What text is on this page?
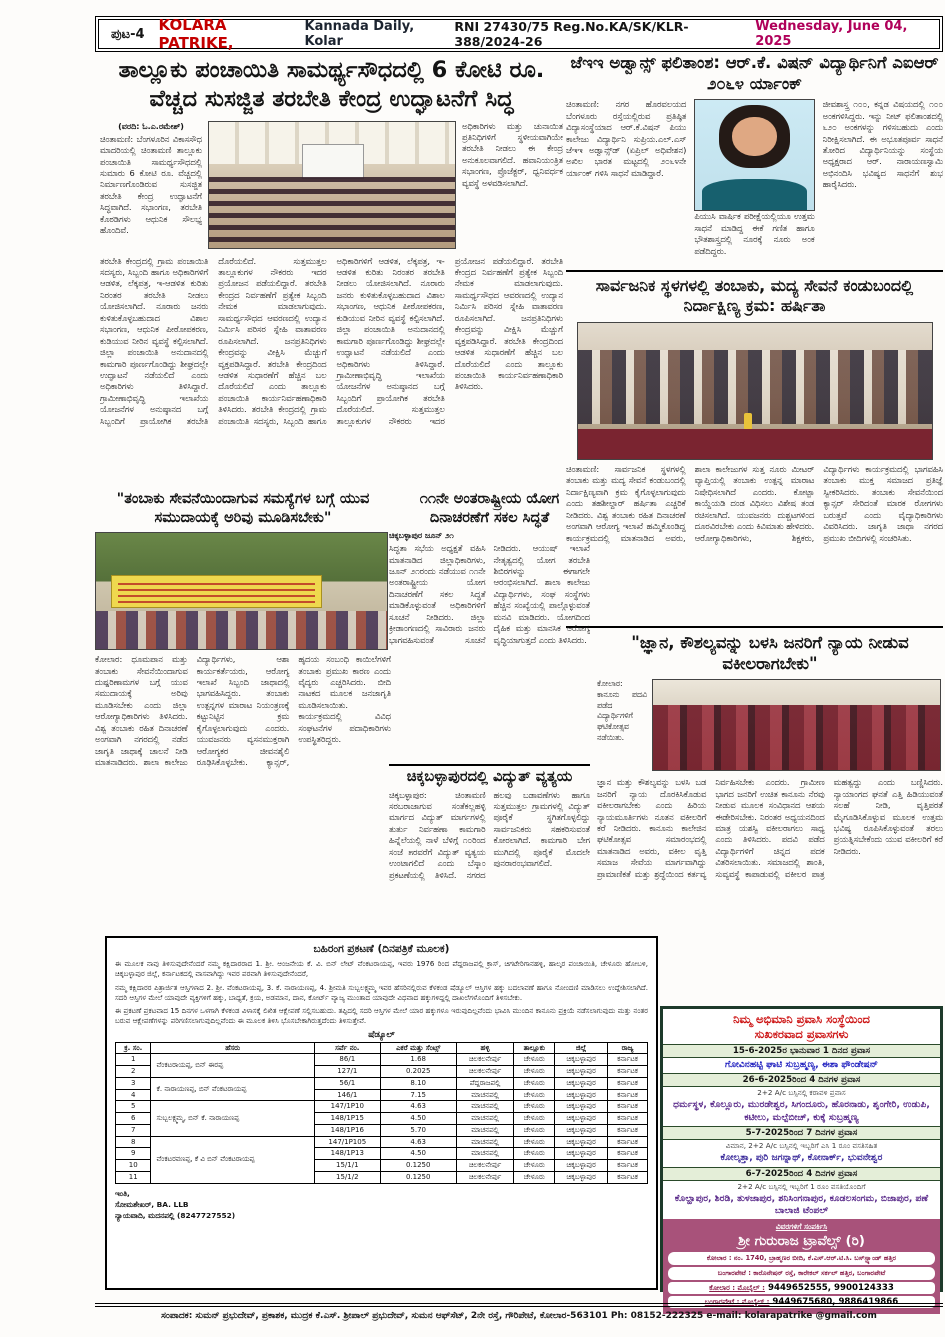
ಪುಟ-4 KOLARA PATRIKE,
Kannada Daily, Kolar
RNI 27430/75 Reg.No.KA/SK/KLR-388/2024-26
Wednesday, June 04, 2025
ತಾಲ್ಲೂಕು ಪಂಚಾಯಿತಿ ಸಾಮರ್ಥ್ಯಸೌಧದಲ್ಲಿ 6 ಕೋಟಿ ರೂ. ವೆಚ್ಚದ ಸುಸಜ್ಜಿತ ತರಬೇತಿ ಕೇಂದ್ರ ಉದ್ಘಾಟನೆಗೆ ಸಿದ್ಧ
(ವರದಿ: ಓ.ಎ.ರಮೇಶ್)
ಚಿಂತಾಮಣಿ: ಬೆಂಗಳೂರಿನ ವಿಕಾಸಸೌಧ ಮಾದರಿಯಲ್ಲಿ ಚಿಂತಾಮಣಿ ತಾಲ್ಲೂಕು ಪಂಚಾಯಿತಿ ಸಾಮರ್ಥ್ಯಸೌಧದಲ್ಲಿ ಸುಮಾರು 6 ಕೋಟಿ ರೂ. ವೆಚ್ಚದಲ್ಲಿ ನಿರ್ಮಾಣಗೊಂಡಿರುವ ಸುಸಜ್ಜಿತ ತರಬೇತಿ ಕೇಂದ್ರ ಉದ್ಘಾಟನೆಗೆ ಸಿದ್ಧವಾಗಿದೆ. ಸಭಾಂಗಣ, ತರಬೇತಿ ಕೊಠಡಿಗಳು ಆಧುನಿಕ ಸೌಲಭ್ಯ ಹೊಂದಿವೆ.
ಅಧಿಕಾರಿಗಳು ಮತ್ತು ಚುನಾಯಿತ ಪ್ರತಿನಿಧಿಗಳಿಗೆ ಸ್ಥಳೀಯವಾಗಿಯೇ ತರಬೇತಿ ನೀಡಲು ಈ ಕೇಂದ್ರ ಅನುಕೂಲವಾಗಲಿದೆ. ಹವಾನಿಯಂತ್ರಿತ ಸಭಾಂಗಣ, ಪ್ರೊಜೆಕ್ಟರ್, ಧ್ವನಿವರ್ಧಕ ವ್ಯವಸ್ಥೆ ಅಳವಡಿಸಲಾಗಿದೆ.
ತರಬೇತಿ ಕೇಂದ್ರದಲ್ಲಿ ಗ್ರಾಮ ಪಂಚಾಯಿತಿ ಸದಸ್ಯರು, ಸಿಬ್ಬಂದಿ ಹಾಗೂ ಅಧಿಕಾರಿಗಳಿಗೆ ಆಡಳಿತ, ಲೆಕ್ಕಪತ್ರ, ಇ-ಆಡಳಿತ ಕುರಿತು ನಿರಂತರ ತರಬೇತಿ ನೀಡಲು ಯೋಜಿಸಲಾಗಿದೆ. ನೂರಾರು ಜನರು ಕುಳಿತುಕೊಳ್ಳಬಹುದಾದ ವಿಶಾಲ ಸಭಾಂಗಣ, ಆಧುನಿಕ ಪೀಠೋಪಕರಣ, ಕುಡಿಯುವ ನೀರಿನ ವ್ಯವಸ್ಥೆ ಕಲ್ಪಿಸಲಾಗಿದೆ. ಜಿಲ್ಲಾ ಪಂಚಾಯಿತಿ ಅನುದಾನದಲ್ಲಿ ಕಾಮಗಾರಿ ಪೂರ್ಣಗೊಂಡಿದ್ದು ಶೀಘ್ರದಲ್ಲೇ ಉದ್ಘಾಟನೆ ನಡೆಯಲಿದೆ ಎಂದು ಅಧಿಕಾರಿಗಳು ತಿಳಿಸಿದ್ದಾರೆ. ಗ್ರಾಮೀಣಾಭಿವೃದ್ಧಿ ಇಲಾಖೆಯ ಯೋಜನೆಗಳ ಅನುಷ್ಠಾನದ ಬಗ್ಗೆ ಸಿಬ್ಬಂದಿಗೆ ಪ್ರಾಯೋಗಿಕ ತರಬೇತಿ ದೊರೆಯಲಿದೆ. ಸುತ್ತಮುತ್ತಲ ತಾಲ್ಲೂಕುಗಳ ನೌಕರರು ಇದರ ಪ್ರಯೋಜನ ಪಡೆಯಲಿದ್ದಾರೆ. ತರಬೇತಿ ಕೇಂದ್ರದ ನಿರ್ವಹಣೆಗೆ ಪ್ರತ್ಯೇಕ ಸಿಬ್ಬಂದಿ ನೇಮಕ ಮಾಡಲಾಗುವುದು. ಸಾಮರ್ಥ್ಯಸೌಧದ ಆವರಣದಲ್ಲಿ ಉದ್ಯಾನ ನಿರ್ಮಿಸಿ ಪರಿಸರ ಸ್ನೇಹಿ ವಾತಾವರಣ ರೂಪಿಸಲಾಗಿದೆ. ಜನಪ್ರತಿನಿಧಿಗಳು ಕೇಂದ್ರವನ್ನು ವೀಕ್ಷಿಸಿ ಮೆಚ್ಚುಗೆ ವ್ಯಕ್ತಪಡಿಸಿದ್ದಾರೆ. ತರಬೇತಿ ಕೇಂದ್ರದಿಂದ ಆಡಳಿತ ಸುಧಾರಣೆಗೆ ಹೆಚ್ಚಿನ ಬಲ ದೊರೆಯಲಿದೆ ಎಂದು ತಾಲ್ಲೂಕು ಪಂಚಾಯಿತಿ ಕಾರ್ಯನಿರ್ವಹಣಾಧಿಕಾರಿ ತಿಳಿಸಿದರು. ತರಬೇತಿ ಕೇಂದ್ರದಲ್ಲಿ ಗ್ರಾಮ ಪಂಚಾಯಿತಿ ಸದಸ್ಯರು, ಸಿಬ್ಬಂದಿ ಹಾಗೂ ಅಧಿಕಾರಿಗಳಿಗೆ ಆಡಳಿತ, ಲೆಕ್ಕಪತ್ರ, ಇ-ಆಡಳಿತ ಕುರಿತು ನಿರಂತರ ತರಬೇತಿ ನೀಡಲು ಯೋಜಿಸಲಾಗಿದೆ. ನೂರಾರು ಜನರು ಕುಳಿತುಕೊಳ್ಳಬಹುದಾದ ವಿಶಾಲ ಸಭಾಂಗಣ, ಆಧುನಿಕ ಪೀಠೋಪಕರಣ, ಕುಡಿಯುವ ನೀರಿನ ವ್ಯವಸ್ಥೆ ಕಲ್ಪಿಸಲಾಗಿದೆ. ಜಿಲ್ಲಾ ಪಂಚಾಯಿತಿ ಅನುದಾನದಲ್ಲಿ ಕಾಮಗಾರಿ ಪೂರ್ಣಗೊಂಡಿದ್ದು ಶೀಘ್ರದಲ್ಲೇ ಉದ್ಘಾಟನೆ ನಡೆಯಲಿದೆ ಎಂದು ಅಧಿಕಾರಿಗಳು ತಿಳಿಸಿದ್ದಾರೆ. ಗ್ರಾಮೀಣಾಭಿವೃದ್ಧಿ ಇಲಾಖೆಯ ಯೋಜನೆಗಳ ಅನುಷ್ಠಾನದ ಬಗ್ಗೆ ಸಿಬ್ಬಂದಿಗೆ ಪ್ರಾಯೋಗಿಕ ತರಬೇತಿ ದೊರೆಯಲಿದೆ. ಸುತ್ತಮುತ್ತಲ ತಾಲ್ಲೂಕುಗಳ ನೌಕರರು ಇದರ ಪ್ರಯೋಜನ ಪಡೆಯಲಿದ್ದಾರೆ. ತರಬೇತಿ ಕೇಂದ್ರದ ನಿರ್ವಹಣೆಗೆ ಪ್ರತ್ಯೇಕ ಸಿಬ್ಬಂದಿ ನೇಮಕ ಮಾಡಲಾಗುವುದು. ಸಾಮರ್ಥ್ಯಸೌಧದ ಆವರಣದಲ್ಲಿ ಉದ್ಯಾನ ನಿರ್ಮಿಸಿ ಪರಿಸರ ಸ್ನೇಹಿ ವಾತಾವರಣ ರೂಪಿಸಲಾಗಿದೆ. ಜನಪ್ರತಿನಿಧಿಗಳು ಕೇಂದ್ರವನ್ನು ವೀಕ್ಷಿಸಿ ಮೆಚ್ಚುಗೆ ವ್ಯಕ್ತಪಡಿಸಿದ್ದಾರೆ. ತರಬೇತಿ ಕೇಂದ್ರದಿಂದ ಆಡಳಿತ ಸುಧಾರಣೆಗೆ ಹೆಚ್ಚಿನ ಬಲ ದೊರೆಯಲಿದೆ ಎಂದು ತಾಲ್ಲೂಕು ಪಂಚಾಯಿತಿ ಕಾರ್ಯನಿರ್ವಹಣಾಧಿಕಾರಿ ತಿಳಿಸಿದರು.
ಜೆಇಇ ಅಡ್ವಾನ್ಸ್ ಫಲಿತಾಂಶ: ಆರ್.ಕೆ. ವಿಷನ್ ವಿದ್ಯಾರ್ಥಿನಿಗೆ ಎಐಆರ್ ೨೦೬೪ ರ್ಯಾಂಕ್
ಚಿಂತಾಮಣಿ: ನಗರ ಹೊರವಲಯದ ಬೆಂಗಳೂರು ರಸ್ತೆಯಲ್ಲಿರುವ ಪ್ರತಿಷ್ಠಿತ ವಿದ್ಯಾಸಂಸ್ಥೆಯಾದ ಆರ್.ಕೆ.ವಿಷನ್ ಪಿಯು ಕಾಲೇಜು ವಿದ್ಯಾರ್ಥಿನಿ ಸುಪ್ರಿಯ.ಎಲ್.ಎಸ್ ಜೆಇಇ ಅಡ್ವಾನ್ಸ್‌ಡ್ (ಏಪ್ರಿಲ್ ಅಧಿವೇಶನ) ಅಖಿಲ ಭಾರತ ಮಟ್ಟದಲ್ಲಿ ೨೦೬೪ನೇ ರ್ಯಾಂಕ್ ಗಳಿಸಿ ಸಾಧನೆ ಮಾಡಿದ್ದಾರೆ.
ಪಿಯುಸಿ ವಾರ್ಷಿಕ ಪರೀಕ್ಷೆಯಲ್ಲಿಯೂ ಉತ್ತಮ ಸಾಧನೆ ಮಾಡಿದ್ದ ಈಕೆ ಗಣಿತ ಹಾಗೂ ಭೌತಶಾಸ್ತ್ರದಲ್ಲಿ ನೂರಕ್ಕೆ ನೂರು ಅಂಕ ಪಡೆದಿದ್ದರು.
ಜೀವಶಾಸ್ತ್ರ ೧೦೦, ಕನ್ನಡ ವಿಷಯದಲ್ಲಿ ೧೦೦ ಅಂಕಗಳಿಸಿದ್ದರು. ಇನ್ನು ನೀಟ್ ಫಲಿತಾಂಶದಲ್ಲಿ ೬೨೦ ಅಂಕಗಳನ್ನು ಗಳಿಸಬಹುದು ಎಂದು ನಿರೀಕ್ಷಿಸಲಾಗಿದೆ. ಈ ಅಭೂತಪೂರ್ವ ಸಾಧನೆ ತೋರಿದ ವಿದ್ಯಾರ್ಥಿನಿಯನ್ನು ಸಂಸ್ಥೆಯ ಅಧ್ಯಕ್ಷರಾದ ಆರ್. ನಾರಾಯಣಸ್ವಾಮಿ ಅಭಿನಂದಿಸಿ ಭವಿಷ್ಯದ ಸಾಧನೆಗೆ ಶುಭ ಹಾರೈಸಿದರು.
ಸಾರ್ವಜನಿಕ ಸ್ಥಳಗಳಲ್ಲಿ ತಂಬಾಕು, ಮದ್ಯ ಸೇವನೆ ಕಂಡುಬಂದಲ್ಲಿ ನಿರ್ದಾಕ್ಷಿಣ್ಯ ಕ್ರಮ: ಹರ್ಷಿತಾ
ಚಿಂತಾಮಣಿ: ಸಾರ್ವಜನಿಕ ಸ್ಥಳಗಳಲ್ಲಿ ತಂಬಾಕು ಮತ್ತು ಮದ್ಯ ಸೇವನೆ ಕಂಡುಬಂದಲ್ಲಿ ನಿರ್ದಾಕ್ಷಿಣ್ಯವಾಗಿ ಕ್ರಮ ಕೈಗೊಳ್ಳಲಾಗುವುದು ಎಂದು ತಹಶೀಲ್ದಾರ್ ಹರ್ಷಿತಾ ಎಚ್ಚರಿಕೆ ನೀಡಿದರು. ವಿಶ್ವ ತಂಬಾಕು ರಹಿತ ದಿನಾಚರಣೆ ಅಂಗವಾಗಿ ಆರೋಗ್ಯ ಇಲಾಖೆ ಹಮ್ಮಿಕೊಂಡಿದ್ದ ಕಾರ್ಯಕ್ರಮದಲ್ಲಿ ಮಾತನಾಡಿದ ಅವರು, ಶಾಲಾ ಕಾಲೇಜುಗಳ ಸುತ್ತ ನೂರು ಮೀಟರ್ ವ್ಯಾಪ್ತಿಯಲ್ಲಿ ತಂಬಾಕು ಉತ್ಪನ್ನ ಮಾರಾಟ ನಿಷೇಧಿಸಲಾಗಿದೆ ಎಂದರು. ಕೋಟ್ಪಾ ಕಾಯ್ದೆಯಡಿ ದಂಡ ವಿಧಿಸಲು ವಿಶೇಷ ತಂಡ ರಚಿಸಲಾಗಿದೆ. ಯುವಜನರು ದುಶ್ಚಟಗಳಿಂದ ದೂರವಿರಬೇಕು ಎಂದು ಕಿವಿಮಾತು ಹೇಳಿದರು. ಆರೋಗ್ಯಾಧಿಕಾರಿಗಳು, ಶಿಕ್ಷಕರು, ವಿದ್ಯಾರ್ಥಿಗಳು ಕಾರ್ಯಕ್ರಮದಲ್ಲಿ ಭಾಗವಹಿಸಿ ತಂಬಾಕು ಮುಕ್ತ ಸಮಾಜದ ಪ್ರತಿಜ್ಞೆ ಸ್ವೀಕರಿಸಿದರು. ತಂಬಾಕು ಸೇವನೆಯಿಂದ ಕ್ಯಾನ್ಸರ್ ಸೇರಿದಂತೆ ಮಾರಕ ರೋಗಗಳು ಬರುತ್ತವೆ ಎಂದು ವೈದ್ಯಾಧಿಕಾರಿಗಳು ವಿವರಿಸಿದರು. ಜಾಗೃತಿ ಜಾಥಾ ನಗರದ ಪ್ರಮುಖ ಬೀದಿಗಳಲ್ಲಿ ಸಂಚರಿಸಿತು.
"ಜ್ಞಾನ, ಕೌಶಲ್ಯವನ್ನು ಬಳಸಿ ಜನರಿಗೆ ನ್ಯಾಯ ನೀಡುವ ವಕೀಲರಾಗಬೇಕು"
ಕೋಲಾರ: ಕಾನೂನು ಪದವಿ ಪಡೆದ ವಿದ್ಯಾರ್ಥಿಗಳಿಗೆ ಘಟಿಕೋತ್ಸವ ನಡೆಯಿತು.
ಜ್ಞಾನ ಮತ್ತು ಕೌಶಲ್ಯವನ್ನು ಬಳಸಿ ಬಡ ಜನರಿಗೆ ನ್ಯಾಯ ದೊರಕಿಸಿಕೊಡುವ ವಕೀಲರಾಗಬೇಕು ಎಂದು ಹಿರಿಯ ನ್ಯಾಯಮೂರ್ತಿಗಳು ನೂತನ ವಕೀಲರಿಗೆ ಕರೆ ನೀಡಿದರು. ಕಾನೂನು ಕಾಲೇಜಿನ ಘಟಿಕೋತ್ಸವ ಸಮಾರಂಭದಲ್ಲಿ ಮಾತನಾಡಿದ ಅವರು, ವಕೀಲ ವೃತ್ತಿ ಸಮಾಜ ಸೇವೆಯ ಮಾರ್ಗವಾಗಿದ್ದು ಪ್ರಾಮಾಣಿಕತೆ ಮತ್ತು ಶ್ರದ್ಧೆಯಿಂದ ಕರ್ತವ್ಯ ನಿರ್ವಹಿಸಬೇಕು ಎಂದರು. ಗ್ರಾಮೀಣ ಭಾಗದ ಜನರಿಗೆ ಉಚಿತ ಕಾನೂನು ನೆರವು ನೀಡುವ ಮೂಲಕ ಸಂವಿಧಾನದ ಆಶಯ ಈಡೇರಿಸಬೇಕು. ನಿರಂತರ ಅಧ್ಯಯನದಿಂದ ಮಾತ್ರ ಯಶಸ್ವಿ ವಕೀಲರಾಗಲು ಸಾಧ್ಯ ಎಂದು ತಿಳಿಸಿದರು. ಪದವಿ ಪಡೆದ ವಿದ್ಯಾರ್ಥಿಗಳಿಗೆ ಚಿನ್ನದ ಪದಕ ವಿತರಿಸಲಾಯಿತು. ಸಮಾಜದಲ್ಲಿ ಶಾಂತಿ, ಸುವ್ಯವಸ್ಥೆ ಕಾಪಾಡುವಲ್ಲಿ ವಕೀಲರ ಪಾತ್ರ ಮಹತ್ವದ್ದು ಎಂದು ಬಣ್ಣಿಸಿದರು. ನ್ಯಾಯಾಂಗದ ಘನತೆ ಎತ್ತಿ ಹಿಡಿಯುವಂತೆ ಸಲಹೆ ನೀಡಿ, ವೃತ್ತಿಪರತೆ ಮೈಗೂಡಿಸಿಕೊಳ್ಳುವ ಮೂಲಕ ಉತ್ತಮ ಭವಿಷ್ಯ ರೂಪಿಸಿಕೊಳ್ಳುವಂತೆ ತರಲು ಪ್ರಯತ್ನಿಸಬೇಕೆಂದು ಯುವ ವಕೀಲರಿಗೆ ಕರೆ ನೀಡಿದರು.
"ತಂಬಾಕು ಸೇವನೆಯಿಂದಾಗುವ ಸಮಸ್ಯೆಗಳ ಬಗ್ಗೆ ಯುವ ಸಮುದಾಯಕ್ಕೆ ಅರಿವು ಮೂಡಿಸಬೇಕು"
ಕೋಲಾರ: ಧೂಮಪಾನ ಮತ್ತು ತಂಬಾಕು ಸೇವನೆಯಿಂದಾಗುವ ದುಷ್ಪರಿಣಾಮಗಳ ಬಗ್ಗೆ ಯುವ ಸಮುದಾಯಕ್ಕೆ ಅರಿವು ಮೂಡಿಸಬೇಕು ಎಂದು ಜಿಲ್ಲಾ ಆರೋಗ್ಯಾಧಿಕಾರಿಗಳು ತಿಳಿಸಿದರು. ವಿಶ್ವ ತಂಬಾಕು ರಹಿತ ದಿನಾಚರಣೆ ಅಂಗವಾಗಿ ನಗರದಲ್ಲಿ ನಡೆದ ಜಾಗೃತಿ ಜಾಥಾಕ್ಕೆ ಚಾಲನೆ ನೀಡಿ ಮಾತನಾಡಿದರು. ಶಾಲಾ ಕಾಲೇಜು ವಿದ್ಯಾರ್ಥಿಗಳು, ಆಶಾ ಕಾರ್ಯಕರ್ತೆಯರು, ಆರೋಗ್ಯ ಇಲಾಖೆ ಸಿಬ್ಬಂದಿ ಜಾಥಾದಲ್ಲಿ ಭಾಗವಹಿಸಿದ್ದರು. ತಂಬಾಕು ಉತ್ಪನ್ನಗಳ ಮಾರಾಟ ನಿಯಂತ್ರಣಕ್ಕೆ ಕಟ್ಟುನಿಟ್ಟಿನ ಕ್ರಮ ಕೈಗೊಳ್ಳಲಾಗುವುದು ಎಂದರು. ಯುವಜನರು ವ್ಯಸನಮುಕ್ತರಾಗಿ ಆರೋಗ್ಯಕರ ಜೀವನಶೈಲಿ ರೂಢಿಸಿಕೊಳ್ಳಬೇಕು. ಕ್ಯಾನ್ಸರ್, ಹೃದಯ ಸಂಬಂಧಿ ಕಾಯಿಲೆಗಳಿಗೆ ತಂಬಾಕು ಪ್ರಮುಖ ಕಾರಣ ಎಂದು ವೈದ್ಯರು ಎಚ್ಚರಿಸಿದರು. ಬೀದಿ ನಾಟಕದ ಮೂಲಕ ಜನಜಾಗೃತಿ ಮೂಡಿಸಲಾಯಿತು. ಕಾರ್ಯಕ್ರಮದಲ್ಲಿ ವಿವಿಧ ಸಂಘಟನೆಗಳ ಪದಾಧಿಕಾರಿಗಳು ಉಪಸ್ಥಿತರಿದ್ದರು.
೧೧ನೇ ಅಂತರಾಷ್ಟ್ರೀಯ ಯೋಗ ದಿನಾಚರಣೆಗೆ ಸಕಲ ಸಿದ್ಧತೆ
ಚಿಕ್ಕಬಳ್ಳಾಪುರ ಜೂನ್ ೨೧
ಸಿದ್ಧತಾ ಸಭೆಯ ಅಧ್ಯಕ್ಷತೆ ವಹಿಸಿ ಮಾತನಾಡಿದ ಜಿಲ್ಲಾಧಿಕಾರಿಗಳು, ಜೂನ್ ೨೧ರಂದು ನಡೆಯುವ ೧೧ನೇ ಅಂತರಾಷ್ಟ್ರೀಯ ಯೋಗ ದಿನಾಚರಣೆಗೆ ಸಕಲ ಸಿದ್ಧತೆ ಮಾಡಿಕೊಳ್ಳುವಂತೆ ಅಧಿಕಾರಿಗಳಿಗೆ ಸೂಚನೆ ನೀಡಿದರು. ಜಿಲ್ಲಾ ಕ್ರೀಡಾಂಗಣದಲ್ಲಿ ಸಾವಿರಾರು ಜನರು ಭಾಗವಹಿಸುವಂತೆ ಸೂಚನೆ ನೀಡಿದರು. ಆಯುಷ್ ಇಲಾಖೆ ನೇತೃತ್ವದಲ್ಲಿ ಯೋಗ ತರಬೇತಿ ಶಿಬಿರಗಳನ್ನು ಈಗಾಗಲೇ ಆರಂಭಿಸಲಾಗಿದೆ. ಶಾಲಾ ಕಾಲೇಜು ವಿದ್ಯಾರ್ಥಿಗಳು, ಸಂಘ ಸಂಸ್ಥೆಗಳು ಹೆಚ್ಚಿನ ಸಂಖ್ಯೆಯಲ್ಲಿ ಪಾಲ್ಗೊಳ್ಳುವಂತೆ ಮನವಿ ಮಾಡಿದರು. ಯೋಗದಿಂದ ದೈಹಿಕ ಮತ್ತು ಮಾನಸಿಕ ಆರೋಗ್ಯ ವೃದ್ಧಿಯಾಗುತ್ತದೆ ಎಂದು ತಿಳಿಸಿದರು.
ಚಿಕ್ಕಬಳ್ಳಾಪುರದಲ್ಲಿ ವಿದ್ಯುತ್ ವ್ಯತ್ಯಯ
ಚಿಕ್ಕಬಳ್ಳಾಪುರ: ಚಿಂತಾಮಣಿ ಸರಬರಾಜಾಗುವ ಸಂತೆಕಲ್ಲಹಳ್ಳಿ ಮಾರ್ಗದ ವಿದ್ಯುತ್ ಮಾರ್ಗಗಳಲ್ಲಿ ತುರ್ತು ನಿರ್ವಹಣಾ ಕಾಮಗಾರಿ ಹಿನ್ನೆಲೆಯಲ್ಲಿ ನಾಳೆ ಬೆಳಿಗ್ಗೆ ೧೦ರಿಂದ ಸಂಜೆ ೫ರವರೆಗೆ ವಿದ್ಯುತ್ ವ್ಯತ್ಯಯ ಉಂಟಾಗಲಿದೆ ಎಂದು ಬೆಸ್ಕಾಂ ಪ್ರಕಟಣೆಯಲ್ಲಿ ತಿಳಿಸಿದೆ. ನಗರದ ಹಲವು ಬಡಾವಣೆಗಳು ಹಾಗೂ ಸುತ್ತಮುತ್ತಲ ಗ್ರಾಮಗಳಲ್ಲಿ ವಿದ್ಯುತ್ ಪೂರೈಕೆ ಸ್ಥಗಿತಗೊಳ್ಳಲಿದ್ದು ಸಾರ್ವಜನಿಕರು ಸಹಕರಿಸುವಂತೆ ಕೋರಲಾಗಿದೆ. ಕಾಮಗಾರಿ ಬೇಗ ಮುಗಿದಲ್ಲಿ ಪೂರೈಕೆ ಮೊದಲೇ ಪುನರಾರಂಭವಾಗಲಿದೆ.
ಬಹಿರಂಗ ಪ್ರಕಟಣೆ (ದಿನಪತ್ರಿಕೆ ಮೂಲಕ)

ಈ ಮೂಲಕ ನಾವು ತಿಳಿಸುವುದೇನೆಂದರೆ ನಮ್ಮ ಕಕ್ಷಿದಾರರಾದ 1. ಶ್ರೀ. ಆಂಜನೇಯ ಕೆ. ವಿ. ಬಿನ್ ಲೇಟ್ ವೆಂಕಟರಾಯಪ್ಪ, ಇವರು 1976 ರಿಂದ ಪೆದ್ದರಾಜಪಲ್ಲಿ ಕ್ರಾಸ್, ಚಿಗಟೇರಿಗಾನಹಳ್ಳಿ, ಹಾಲ್ಕರ ಪಂಚಾಯಿತಿ, ಚೇಳೂರು ಹೋಬಳಿ, ಚಿಕ್ಕಬಳ್ಳಾಪುರ ಜಿಲ್ಲೆ, ಕರ್ನಾಟಕದಲ್ಲಿ ವಾಸವಾಗಿದ್ದು ಇವರ ಪರವಾಗಿ ತಿಳಿಸುವುದೇನೆಂದರೆ,

ನಮ್ಮ ಕಕ್ಷಿದಾರರ ಪಿತ್ರಾರ್ಜಿತ ಆಸ್ತಿಗಳಾದ 2. ಶ್ರೀ. ವೆಂಕಟರಾಯಪ್ಪ, 3. ಕೆ. ನಾರಾಯಣಪ್ಪ, 4. ಶ್ರೀಮತಿ ಸುಬ್ಬಲಕ್ಷ್ಮಮ್ಮ ಇವರ ಹೆಸರಿನಲ್ಲಿರುವ ಕೆಳಕಂಡ ಷೆಡ್ಯೂಲ್ ಆಸ್ತಿಗಳ ಹಕ್ಕು ಬದಲಾವಣೆ ಹಾಗೂ ನೋಂದಣಿ ಮಾಡಿಸಲು ಉದ್ದೇಶಿಸಲಾಗಿದೆ. ಸದರಿ ಆಸ್ತಿಗಳ ಮೇಲೆ ಯಾವುದೇ ವ್ಯಕ್ತಿಗಳಿಗೆ ಹಕ್ಕು, ಬಾಧ್ಯತೆ, ಕ್ರಯ, ಅಡಮಾನ, ದಾನ, ಕೋರ್ಟ್ ವ್ಯಾಜ್ಯ ಮುಂತಾದ ಯಾವುದೇ ವಿಧವಾದ ಹಕ್ಕುಗಳಿದ್ದಲ್ಲಿ ದಾಖಲೆಗಳೊಂದಿಗೆ ತಿಳಿಸಬೇಕು.

ಈ ಪ್ರಕಟಣೆ ಪ್ರಕಟವಾದ 15 ದಿನಗಳ ಒಳಗಾಗಿ ಕೆಳಕಂಡ ವಿಳಾಸಕ್ಕೆ ಲಿಖಿತ ಆಕ್ಷೇಪಣೆ ಸಲ್ಲಿಸಬಹುದು. ತಪ್ಪಿದಲ್ಲಿ ಸದರಿ ಆಸ್ತಿಗಳ ಮೇಲೆ ಯಾರ ಹಕ್ಕುಗಳೂ ಇರುವುದಿಲ್ಲವೆಂದು ಭಾವಿಸಿ ಮುಂದಿನ ಕಾನೂನು ಪ್ರಕ್ರಿಯೆ ನಡೆಸಲಾಗುವುದು ಮತ್ತು ನಂತರ ಬರುವ ಆಕ್ಷೇಪಣೆಗಳನ್ನು ಪರಿಗಣಿಸಲಾಗುವುದಿಲ್ಲವೆಂದು ಈ ಮೂಲಕ ತಿಳಿಸಿ ಭೊಸಬೇಕಾಗಿರುತ್ತದೆಂದು ತಿಳಿಸುತ್ತೇವೆ.

ಷೆಡ್ಯೂಲ್
ಕ್ರ. ಸಂ.	ಹೆಸರು	ಸರ್ವೆ ನಂ.	ಎಕರೆ ಮತ್ತು ಸೆಂಟ್ಸ್	ಹಳ್ಳಿ	ತಾಲ್ಲೂಕು	ಜಿಲ್ಲೆ	ರಾಜ್ಯ
1	ವೆಂಕಟರಾಯಪ್ಪ, ಬಿನ್ ಈರಪ್ಪ	86/1	1.68	ಚಿಲಕಲನೇರ್ಪು	ಚೇಳೂರು	ಚಿಕ್ಕಬಳ್ಳಾಪುರ	ಕರ್ನಾಟಕ
2		127/1	0.2025	ಚಿಲಕಲನೇರ್ಪು	ಚೇಳೂರು	ಚಿಕ್ಕಬಳ್ಳಾಪುರ	ಕರ್ನಾಟಕ
3	ಕೆ. ನಾರಾಯಣಪ್ಪ, ಬಿನ್ ವೆಂಕಟರಾಯಪ್ಪ	56/1	8.10	ಪೆದ್ದರಾಜಪಲ್ಲಿ	ಚೇಳೂರು	ಚಿಕ್ಕಬಳ್ಳಾಪುರ	ಕರ್ನಾಟಕ
4		146/1	7.15	ಮಾಚನಪಲ್ಲಿ	ಚೇಳೂರು	ಚಿಕ್ಕಬಳ್ಳಾಪುರ	ಕರ್ನಾಟಕ
5	ಸುಬ್ಬಲಕ್ಷ್ಮಮ್ಮ, ಬಿನ್ ಕೆ. ನಾರಾಯಣಪ್ಪ	147/1P10	4.63	ಮಾಚನಪಲ್ಲಿ	ಚೇಳೂರು	ಚಿಕ್ಕಬಳ್ಳಾಪುರ	ಕರ್ನಾಟಕ
6		148/1P15	4.50	ಮಾಚನಪಲ್ಲಿ	ಚೇಳೂರು	ಚಿಕ್ಕಬಳ್ಳಾಪುರ	ಕರ್ನಾಟಕ
7		148/1P16	5.70	ಮಾಚನಪಲ್ಲಿ	ಚೇಳೂರು	ಚಿಕ್ಕಬಳ್ಳಾಪುರ	ಕರ್ನಾಟಕ
8	ವೆಂಕಟರವಣಪ್ಪ, ಕೆ ವಿ ಬಿನ್ ವೆಂಕಟರಾಯಪ್ಪ	147/1P105	4.63	ಮಾಚನಪಲ್ಲಿ	ಚೇಳೂರು	ಚಿಕ್ಕಬಳ್ಳಾಪುರ	ಕರ್ನಾಟಕ
9		148/1P13	4.50	ಮಾಚನಪಲ್ಲಿ	ಚೇಳೂರು	ಚಿಕ್ಕಬಳ್ಳಾಪುರ	ಕರ್ನಾಟಕ
10		15/1/1	0.1250	ಚಿಲಕಲನೇರ್ಪು	ಚೇಳೂರು	ಚಿಕ್ಕಬಳ್ಳಾಪುರ	ಕರ್ನಾಟಕ
11		15/1/2	0.1250	ಚಿಲಕಲನೇರ್ಪು	ಚೇಳೂರು	ಚಿಕ್ಕಬಳ್ಳಾಪುರ	ಕರ್ನಾಟಕ
ಇಂತಿ,
ಸೋಮಶೇಖರ್, BA. LLB
ನ್ಯಾಯವಾದಿ, ಮದನಪಲ್ಲಿ (8247727552)
ನಿಮ್ಮ ಅಭಿಮಾನಿ ಪ್ರವಾಸಿ ಸಂಸ್ಥೆಯಿಂದ
ಸುಖಕರವಾದ ಪ್ರವಾಸಗಳು
15-6-2025ರ ಭಾನುವಾರ 1 ದಿನದ ಪ್ರವಾಸ
ಗೋವಿನಹಟ್ಟಿ ಘಾಟಿ ಸುಬ್ರಹ್ಮಣ್ಯ, ಈಶಾ ಫೌಂಡೇಷನ್
26-6-2025ರಿಂದ 4 ದಿನಗಳ ಪ್ರವಾಸ
2+2 A/c ಬಸ್ಸಿನಲ್ಲಿ ಕರಾವಳಿ ಪ್ರವಾಸ
ಧರ್ಮಸ್ಥಳ, ಕೊಲ್ಲೂರು, ಮುರಡೇಶ್ವರ, ಸಿಗಂದೂರು, ಹೊರನಾಡು, ಶೃಂಗೇರಿ, ಉಡುಪಿ, ಕಟೀಲು, ಮಲ್ಪೆಬೀಚ್, ಕುಕ್ಕೆ ಸುಬ್ರಹ್ಮಣ್ಯ
5-7-2025ರಿಂದ 7 ದಿನಗಳ ಪ್ರವಾಸ
ವಿಮಾನ, 2+2 A/c ಬಸ್ಸಿನಲ್ಲಿ ಇಬ್ಬರಿಗೆ ಎಸಿ 1 ರೂಂ ವಸತಿಸಹಿತ
ಕೋಲ್ಕತ್ತಾ, ಪುರಿ ಜಗನ್ನಾಥ್, ಕೋನಾರ್ಕ್, ಭುವನೇಶ್ವರ
6-7-2025ರಿಂದ 4 ದಿನಗಳ ಪ್ರವಾಸ
2+2 A/c ಬಸ್ಸಿನಲ್ಲಿ ಇಬ್ಬರಿಗೆ 1 ರೂಂ ವಸತಿಯೊಂದಿಗೆ
ಕೊಲ್ಹಾಪುರ, ಶಿರಡಿ, ತುಳಜಾಪುರ, ಶನಿಸಿಂಗನಾಪುರ, ಕೂಡಲಸಂಗಮ, ಬಿಜಾಪುರ, ಪಣೆ ಬಾಲಾಜಿ ಟೆಂಪಲ್
ವಿವರಗಳಿಗೆ ಸಂಪರ್ಕಿಸಿ
ಶ್ರೀ ಗುರುರಾಜ ಟ್ರಾವೆಲ್ಸ್ (ರಿ)
ಕೋಲಾರ : ನಂ. 1740, ಬ್ರಾಹ್ಮಣರ ಬೀದಿ, ಕೆ.ಎಸ್.ಆರ್.ಟಿ.ಸಿ. ಬಸ್‌ಸ್ಟ್ಯಾಂಡ್ ಹತ್ತಿರ
ಬಂಗಾರಪೇಟೆ : ಕಾರೊನೇಷನ್ ರಸ್ತೆ, ಕಾರೇಕಲ್ ಸರ್ಕಲ್ ಹತ್ತಿರ, ಬಂಗಾರಪೇಟೆ
ಕೋಲಾರ : ಮೊಬೈಲ್ : 9449652555, 9900124333
ಬಂಗಾರಪೇಟೆ : ಮೊಬೈಲ್ : 9449675680, 9886419866
ಸಂಪಾದಕ: ಸುಮನ್ ಪ್ರಭುದೇವ್, ಪ್ರಕಾಶಕ, ಮುದ್ರಕ ಕೆ.ಎಸ್. ಶ್ರೀಪಾಲ್ ಪ್ರಭುದೇವ್, ಸುಮನ ಆಫ್‌ಸೆಟ್, 2ನೇ ರಸ್ತೆ, ಗೌರಿಪೇಟೆ, ಕೋಲಾರ-563101 Ph: 08152-222325 e-mail: kolarapatrike @gmail.com
